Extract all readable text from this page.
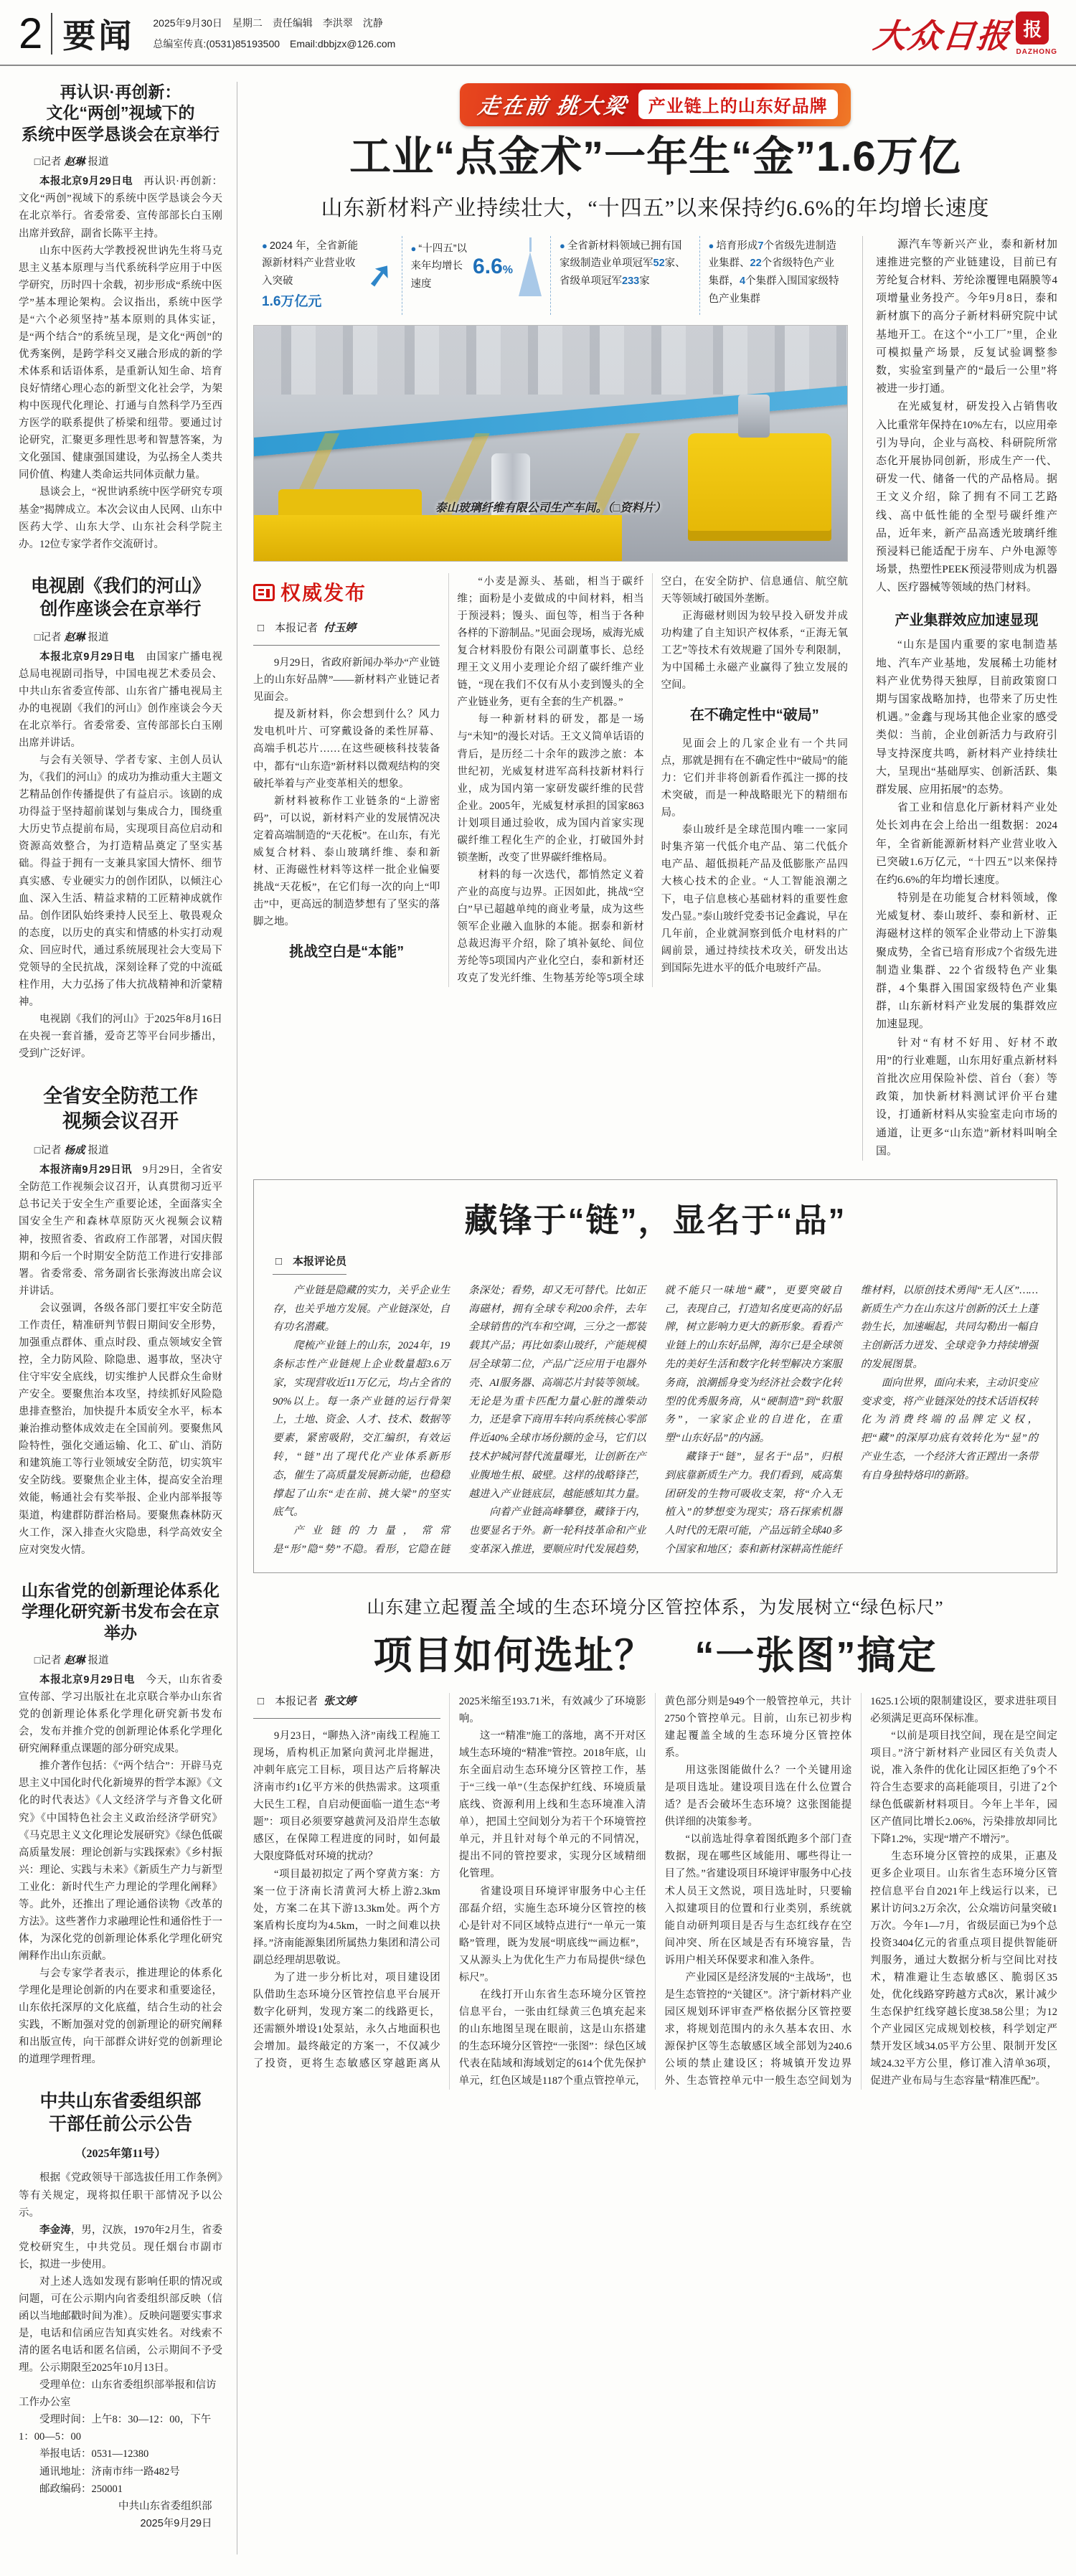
2 要闻 2025年9月30日　星期二　责任编辑　李洪翠　沈静
总编室传真:(0531)85193500　Email:dbbjzx@126.com	大众日报 报
DAZHONG
再认识·再创新：
文化“两创”视域下的
系统中医学恳谈会在京举行
□记者 赵琳 报道

本报北京9月29日电　再认识·再创新：文化“两创”视域下的系统中医学恳谈会今天在北京举行。省委常委、宣传部部长白玉刚出席并致辞，副省长陈平主持。

山东中医药大学教授祝世讷先生将马克思主义基本原理与当代系统科学应用于中医学研究，历时四十余载，初步形成“系统中医学”基本理论架构。会议指出，系统中医学是“六个必须坚持”基本原则的具体实证，是“两个结合”的系统呈现，是文化“两创”的优秀案例，是跨学科交叉融合形成的新的学术体系和话语体系，是重新认知生命、培育良好情绪心理心态的新型文化社会学，为架构中医现代化理论、打通与自然科学乃至西方医学的联系提供了桥梁和纽带。要通过讨论研究，汇聚更多理性思考和智慧答案，为文化强国、健康强国建设，为弘扬全人类共同价值、构建人类命运共同体贡献力量。

恳谈会上，“祝世讷系统中医学研究专项基金”揭牌成立。本次会议由人民网、山东中医药大学、山东大学、山东社会科学院主办。12位专家学者作交流研讨。

电视剧《我们的河山》
创作座谈会在京举行
□记者 赵琳 报道

本报北京9月29日电　由国家广播电视总局电视剧司指导，中国电视艺术委员会、中共山东省委宣传部、山东省广播电视局主办的电视剧《我们的河山》创作座谈会今天在北京举行。省委常委、宣传部部长白玉刚出席并讲话。

与会有关领导、学者专家、主创人员认为，《我们的河山》的成功为推动重大主题文艺精品创作传播提供了有益启示。该剧的成功得益于坚持超前谋划与集成合力，围绕重大历史节点提前布局，实现项目高位启动和资源高效整合，为打造精品奠定了坚实基础。得益于拥有一支兼具家国大情怀、细节真实感、专业硬实力的创作团队，以倾注心血、深入生活、精益求精的工匠精神成就作品。创作团队始终秉持人民至上、敬畏观众的态度，以历史的真实和情感的朴实打动观众、回应时代，通过系统展现社会大变局下党领导的全民抗战，深刻诠释了党的中流砥柱作用，大力弘扬了伟大抗战精神和沂蒙精神。

电视剧《我们的河山》于2025年8月16日在央视一套首播，爱奇艺等平台同步播出，受到广泛好评。

全省安全防范工作
视频会议召开
□记者 杨成 报道

本报济南9月29日讯　9月29日，全省安全防范工作视频会议召开，认真贯彻习近平总书记关于安全生产重要论述，全面落实全国安全生产和森林草原防灭火视频会议精神，按照省委、省政府工作部署，对国庆假期和今后一个时期安全防范工作进行安排部署。省委常委、常务副省长张海波出席会议并讲话。

会议强调，各级各部门要扛牢安全防范工作责任，精准研判节假日期间安全形势，加强重点群体、重点时段、重点领域安全管控，全力防风险、除隐患、遏事故，坚决守住守牢安全底线，切实维护人民群众生命财产安全。要聚焦治本攻坚，持续抓好风险隐患排查整治，加快提升本质安全水平，标本兼治推动整体成效走在全国前列。要聚焦风险特性，强化交通运输、化工、矿山、消防和建筑施工等行业领域安全防范，切实筑牢安全防线。要聚焦企业主体，提高安全治理效能，畅通社会有奖举报、企业内部举报等渠道，构建群防群治格局。要聚焦森林防灭火工作，深入排查火灾隐患，科学高效安全应对突发火情。

山东省党的创新理论体系化
学理化研究新书发布会在京举办
□记者 赵琳 报道

本报北京9月29日电　今天，山东省委宣传部、学习出版社在北京联合举办山东省党的创新理论体系化学理化研究新书发布会，发布并推介党的创新理论体系化学理化研究阐释重点课题的部分研究成果。

推介著作包括：《“两个结合”：开辟马克思主义中国化时代化新境界的哲学本源》《文化的时代表达》《人文经济学与齐鲁文化研究》《中国特色社会主义政治经济学研究》《马克思主义文化理论发展研究》《绿色低碳高质量发展：理论创新与实践探索》《乡村振兴：理论、实践与未来》《新质生产力与新型工业化：新时代生产力理论的学理化阐释》等。此外，还推出了理论通俗读物《改革的方法》。这些著作力求融理论性和通俗性于一体，为深化党的创新理论体系化学理化研究阐释作出山东贡献。

与会专家学者表示，推进理论的体系化学理化是理论创新的内在要求和重要途径，山东依托深厚的文化底蕴，结合生动的社会实践，不断加强对党的创新理论的研究阐释和出版宣传，向干部群众讲好党的创新理论的道理学理哲理。

中共山东省委组织部
干部任前公示公告
（2025年第11号）

根据《党政领导干部选拔任用工作条例》等有关规定，现将拟任职干部情况予以公示。

李金涛，男，汉族，1970年2月生，省委党校研究生，中共党员。现任烟台市副市长，拟进一步使用。

对上述人选如发现有影响任职的情况或问题，可在公示期内向省委组织部反映（信函以当地邮戳时间为准）。反映问题要实事求是，电话和信函应告知真实姓名。对线索不清的匿名电话和匿名信函，公示期间不予受理。公示期限至2025年10月13日。

受理单位：山东省委组织部举报和信访工作办公室
受理时间：上午8：30—12：00，下午1：00—5：00
举报电话：0531—12380
通讯地址：济南市纬一路482号
邮政编码：250001
中共山东省委组织部
2025年9月29日
走在前 挑大梁	产业链上的山东好品牌
工业“点金术”一年生“金”1.6万亿
山东新材料产业持续壮大，“十四五”以来保持约6.6%的年均增长速度
● 2024 年，全省新能源新材料产业营业收入突破
1.6万亿元
➚
● “十四五”以来年均增长速度
6.6%
● 全省新材料领域已拥有国家级制造业单项冠军52家、省级单项冠军233家
● 培育形成7个省级先进制造业集群、22个省级特色产业集群，4个集群入围国家级特色产业集群
泰山玻璃纤维有限公司生产车间。（□资料片）
权威发布
□　 本报记者 付玉婷

9月29日，省政府新闻办举办“产业链上的山东好品牌”——新材料产业链记者见面会。

提及新材料，你会想到什么？风力发电机叶片、可穿戴设备的柔性屏幕、高端手机芯片……在这些硬核科技装备中，都有“山东造”新材料以微观结构的突破托举着与产业变革相关的想象。

新材料被称作工业链条的“上游密码”，可以说，新材料产业的发展情况决定着高端制造的“天花板”。在山东，有光威复合材料、泰山玻璃纤维、泰和新材、正海磁性材料等这样一批企业偏要挑战“天花板”，在它们每一次的向上“叩击”中，更高远的制造梦想有了坚实的落脚之地。

挑战空白是“本能”

“小麦是源头、基础，相当于碳纤维；面粉是小麦做成的中间材料，相当于预浸料；馒头、面包等，相当于各种各样的下游制品。”见面会现场，威海光威复合材料股份有限公司副董事长、总经理王文义用小麦理论介绍了碳纤维产业链，“现在我们不仅有从小麦到馒头的全产业链业务，更有全套的生产机器。”

每一种新材料的研发，都是一场与“未知”的漫长对话。王文义简单话语的背后，是历经二十余年的跋涉之旅：本世纪初，光威复材进军高科技新材料行业，成为国内第一家研发碳纤维的民营企业。2005年，光威复材承担的国家863计划项目通过验收，成为国内首家实现碳纤维工程化生产的企业，打破国外封锁垄断，改变了世界碳纤维格局。

材料的每一次迭代，都悄然定义着产业的高度与边界。正因如此，挑战“空白”早已超越单纯的商业考量，成为这些领军企业融入血脉的本能。据泰和新材总裁迟海平介绍，除了填补氨纶、间位芳纶等5项国内产业化空白，泰和新材还攻克了发光纤维、生物基芳纶等5项全球空白，在安全防护、信息通信、航空航天等领域打破国外垄断。

正海磁材则因为较早投入研发并成功构建了自主知识产权体系，“正海无氧工艺”等技术有效规避了国外专利限制，为中国稀土永磁产业赢得了独立发展的空间。

在不确定性中“破局”

见面会上的几家企业有一个共同点，那就是拥有在不确定性中“破局”的能力：它们并非将创新看作孤注一掷的技术突破，而是一种战略眼光下的精细布局。

泰山玻纤是全球范围内唯一一家同时集齐第一代低介电产品、第二代低介电产品、超低损耗产品及低膨胀产品四大核心技术的企业。“人工智能浪潮之下，电子信息核心基础材料的重要性愈发凸显。”泰山玻纤党委书记金鑫说，早在几年前，企业就洞察到低介电材料的广阔前景，通过持续技术攻关，研发出达到国际先进水平的低介电玻纤产品。

源汽车等新兴产业，泰和新材加速推进完整的产业链建设，目前已有芳纶复合材料、芳纶涂覆锂电隔膜等4项增量业务投产。今年9月8日，泰和新材旗下的高分子新材料研究院中试基地开工。在这个“小工厂”里，企业可模拟量产场景，反复试验调整参数，实验室到量产的“最后一公里”将被进一步打通。

在光威复材，研发投入占销售收入比重常年保持在10%左右，以应用牵引为导向，企业与高校、科研院所常态化开展协同创新，形成生产一代、研发一代、储备一代的产品格局。据王文义介绍，除了拥有不同工艺路线、高中低性能的全型号碳纤维产品，近年来，新产品高透光玻璃纤维预浸料已能适配于房车、户外电源等场景，热塑性PEEK预浸带则成为机器人、医疗器械等领域的热门材料。

产业集群效应加速显现

“山东是国内重要的家电制造基地、汽车产业基地，发展稀土功能材料产业优势得天独厚，目前政策窗口期与国家战略加持，也带来了历史性机遇。”金鑫与现场其他企业家的感受类似：当前，企业创新活力与政府引导支持深度共鸣，新材料产业持续壮大，呈现出“基础厚实、创新活跃、集群发展、应用拓展”的态势。

省工业和信息化厅新材料产业处处长刘冉在会上给出一组数据：2024年，全省新能源新材料产业营业收入已突破1.6万亿元，“十四五”以来保持在约6.6%的年均增长速度。

特别是在功能复合材料领域，像光威复材、泰山玻纤、泰和新材、正海磁材这样的领军企业带动上下游集聚成势，全省已培育形成7个省级先进制造业集群、22个省级特色产业集群，4个集群入围国家级特色产业集群，山东新材料产业发展的集群效应加速显现。

针对“有材不好用、好材不敢用”的行业难题，山东用好重点新材料首批次应用保险补偿、首台（套）等政策，加快新材料测试评价平台建设，打通新材料从实验室走向市场的通道，让更多“山东造”新材料叫响全国。

藏锋于“链”，显名于“品”
□　本报评论员

产业链是隐藏的实力，关乎企业生存，也关乎地方发展。产业链深处，自有功名潜藏。

爬梳产业链上的山东，2024年，19条标志性产业链规上企业数量超3.6万家，实现营收近11万亿元，均占全省的90%以上。每一条产业链的运行骨架上，土地、资金、人才、技术、数据等要素，紧密吸附，交汇编织，有效运转，“链”出了现代化产业体系新形态，催生了高质量发展新动能，也稳稳撑起了山东“走在前、挑大梁”的坚实底气。

产业链的力量，常常是“形”隐“势”不隐。看形，它隐在链条深处；看势，却又无可替代。比如正海磁材，拥有全球专利200余件，去年全球销售的汽车和空调，三分之一都装载其产品；再比如泰山玻纤，产能规模居全球第二位，产品广泛应用于电器外壳、AI服务器、高端芯片封装等领域。无论是为重卡匹配力量心脏的潍柴动力，还是拿下商用车转向系统核心零部件近40%全球市场份额的金马，它们以技术护城河替代流量曝光，让创新在产业腹地生根、破壁。这样的战略锋芒，越进入产业链底层，越能感知其力量。

向着产业链高峰攀登，藏锋于内，也要显名于外。新一轮科技革命和产业变革深入推进，要顺应时代发展趋势，就不能只一味地“藏”，更要突破自己，表现自己，打造知名度更高的好品牌，树立影响力更大的新形象。看看产业链上的山东好品牌，海尔已是全球领先的美好生活和数字化转型解决方案服务商，浪潮摇身变为经济社会数字化转型的优秀服务商，从“硬制造”到“软服务”，一家家企业的自进化，在重塑“山东好品”的内涵。

藏锋于“链”，显名于“品”，归根到底靠新质生产力。我们看到，威高集团研发的生物可吸收支架，将“介入无植入”的梦想变为现实；珞石探索机器人时代的无限可能，产品远销全球40多个国家和地区；泰和新材深耕高性能纤维材料，以原创技术勇闯“无人区”……新质生产力在山东这片创新的沃土上蓬勃生长，加速崛起，共同勾勒出一幅自主创新活力迸发、全球竞争力持续增强的发展图景。

面向世界，面向未来，主动识变应变求变，将产业链深处的技术话语权转化为消费终端的品牌定义权，把“藏”的深厚功底有效转化为“显”的产业生态，一个经济大省正蹚出一条带有自身独特烙印的新路。

山东建立起覆盖全域的生态环境分区管控体系，为发展树立“绿色标尺”
项目如何选址？　“一张图”搞定
□　 本报记者 张文婷

9月23日，“聊热入济”南线工程施工现场，盾构机正加紧向黄河北岸掘进，冲刺年底完工目标，项目达产后将解决济南市约1亿平方米的供热需求。这项重大民生工程，自启动便面临一道生态“考题”：项目必须要穿越黄河及沿岸生态敏感区，在保障工程进度的同时，如何最大限度降低对环境的扰动？

“项目最初拟定了两个穿黄方案：方案一位于济南长清黄河大桥上游2.3km处，方案二在其下游13.3km处。两个方案盾构长度均为4.5km，一时之间难以抉择。”济南能源集团所属热力集团和清公司副总经理胡思敬说。

为了进一步分析比对，项目建设团队借助生态环境分区管控信息平台展开数字化研判，发现方案二的线路更长，还需额外增设1处泵站，永久占地面积也会增加。最终敲定的方案一，不仅减少了投资，更将生态敏感区穿越距离从2025米缩至193.71米，有效减少了环境影响。

这一“精准”施工的落地，离不开对区域生态环境的“精准”管控。2018年底，山东全面启动生态环境分区管控工作，基于“三线一单”（生态保护红线、环境质量底线、资源利用上线和生态环境准入清单），把国土空间划分为若干个环境管控单元，并且针对每个单元的不同情况，提出不同的管控要求，实现分区域精细化管理。

省建设项目环境评审服务中心主任邵磊介绍，实施生态环境分区管控的核心是针对不同区域特点进行“一单元一策略”管理，既为发展“明底线”“画边框”，又从源头上为优化生产力布局提供“绿色标尺”。

在线打开山东省生态环境分区管控信息平台，一张由红绿黄三色填充起来的山东地图呈现在眼前，这是山东搭建的生态环境分区管控“一张图”：绿色区域代表在陆域和海域划定的614个优先保护单元，红色区域是1187个重点管控单元，黄色部分则是949个一般管控单元，共计2750个管控单元。目前，山东已初步构建起覆盖全域的生态环境分区管控体系。

用这张图能做什么？一个关键用途是项目选址。建设项目选在什么位置合适？是否会破坏生态环境？这张图能提供详细的决策参考。

“以前选址得拿着图纸跑多个部门查数据，现在哪些区域能用、哪些得让一目了然。”省建设项目环境评审服务中心技术人员王文然说，项目选址时，只要输入拟建项目的位置和行业类别，系统就能自动研判项目是否与生态红线存在空间冲突、所在区域是否有环境容量，告诉用户相关环保要求和准入条件。

产业园区是经济发展的“主战场”，也是生态管控的“关键区”。济宁新材料产业园区规划环评审查严格依据分区管控要求，将规划范围内的永久基本农田、水源保护区等生态敏感区域全部划为240.6公顷的禁止建设区；将城镇开发边界外、生态管控单元中一般生态空间划为1625.1公顷的限制建设区，要求进驻项目必须满足更高环保标准。

“以前是项目找空间，现在是空间定项目。”济宁新材料产业园区有关负责人说，准入条件的优化让园区拒绝了9个不符合生态要求的高耗能项目，引进了2个绿色低碳新材料项目。今年上半年，园区产值同比增长2.06%，污染排放却同比下降1.2%，实现“增产不增污”。

生态环境分区管控的成果，正惠及更多企业项目。山东省生态环境分区管控信息平台自2021年上线运行以来，已累计访问3.2万余次，公众端访问量突破1万次。今年1—7月，省级层面已为9个总投资3404亿元的省重点项目提供智能研判服务，通过大数据分析与空间比对技术，精准避让生态敏感区、脆弱区35处，优化线路穿跨越方式8次，累计减少生态保护红线穿越长度38.58公里；为12个产业园区完成规划校核，科学划定严禁开发区域34.05平方公里、限制开发区域24.32平方公里，修订准入清单36项，促进产业布局与生态容量“精准匹配”。
